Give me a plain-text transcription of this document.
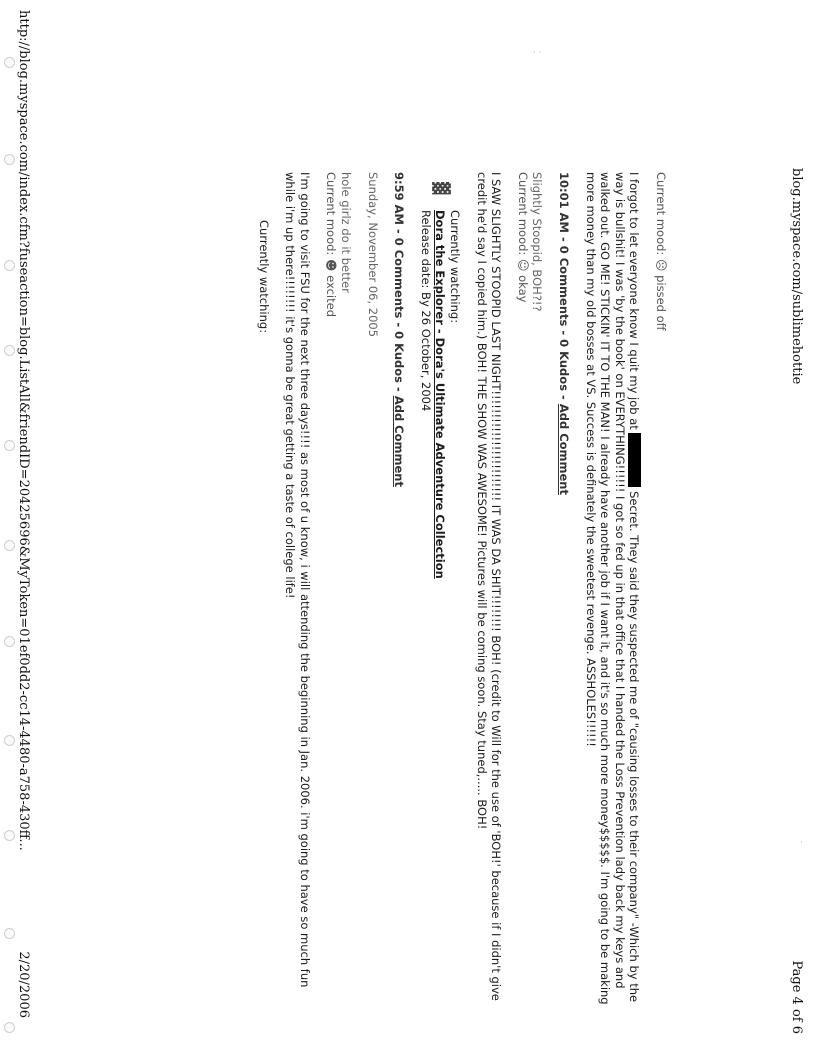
· ·
·
blog.myspace.com/sublimehottie
Page 4 of 6
Current mood: ☹ pissed off

I forgot to let everyone know I quit my job at  Secret. They said they suspected me of "causing losses to their company" -Which by the way is bullshit! I was 'by the book' on EVERYTHING!!!!!! I got so fed up in that office that I handed the Loss Prevention lady back my keys and walked out. GO ME! STICKIN' IT TO THE MAN! I already have another job if I want it, and it's so much more money$$$$$. I'm going to be making more money than my old bosses at VS. Success is definately the sweetest revenge. ASSHOLES!!!!!!

10:01 AM - 0 Comments - 0 Kudos - Add Comment
Slightly Stoopid, BOH?!?
Current mood: ☺ okay

I SAW SLIGHTLY STOOPID LAST NIGHT!!!!!!!!!!!!!!!!!!!!!!!! IT WAS DA SHIT!!!!!!!! BOH! (credit to Will for the use of 'BOH!' because if I didn't give credit he'd say I copied him.) BOH! THE SHOW WAS AWESOME! Pictures will be coming soon. Stay tuned,..... BOH!

▓
Currently watching:
Dora the Explorer - Dora's Ultimate Adventure Collection
Release date: By 26 October, 2004
9:59 AM - 0 Comments - 0 Kudos - Add Comment
Sunday, November 06, 2005
hole girlz do it better
Current mood: ☻ excited

I'm going to visit FSU for the next three days!!!! as most of u know, i will attending the beginning in Jan. 2006. i'm going to have so much fun while i'm up there!!!!!!!! it's gonna be great getting a taste of college life!

Currently watching:
http://blog.myspace.com/index.cfm?fuseaction=blog.ListAll&friendID=20425696&MyToken=01ef0dd2-cc14-4480-a758-430ff...
2/20/2006
